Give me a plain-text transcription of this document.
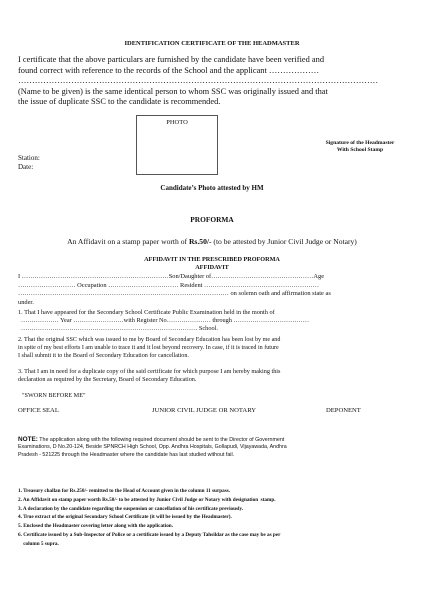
IDENTIFICATION CERTIFICATE OF THE HEADMASTER
I certificate that the above particulars are furnished by the candidate have been verified and
found correct with reference to the records of the School and the applicant ………………
…………………………………………………………………………………………………………………
(Name to be given) is the same identical person to whom SSC was originally issued and that
the issue of duplicate SSC to the candidate is recommended.
PHOTO
Signature of the Headmaster
With School Stamp
Station:
Date:
Candidate’s Photo attested by HM
PROFORMA
An Affidavit on a stamp paper worth of Rs.50/- (to be attested by Junior Civil Judge or Notary)
AFFIDAVIT IN THE PRESCRIBED PROFORMA
AFFIDAVIT
I ……………………………………………………………Son/Daughter of…………………………………………Age
……………………… Occupation …………………………… Resident ………………………………………………
……………………………………………………………………………………… on solemn oath and affirmation state as
under.
1. That I have appeared for the Secondary School Certificate Public Examination held in the month of
……………… Year ……………………with Register No………………… through ………………………………
………………………………………………………………………… School.
2. That the original SSC which was issued to me by Board of Secondary Education has been lost by me and
in spite of my best efforts I am unable to trace it and it lost beyond recovery. In case, if it is traced in future
I shall submit it to the Board of Secondary Education for cancellation.
3. That I am in need for a duplicate copy of the said certificate for which purpose I am hereby making this
declaration as required by the Secretary, Board of Secondary Education.
"SWORN BEFORE ME"
OFFICE SEAL	JUNIOR CIVIL JUDGE OR NOTARY	DEPONENT
NOTE: The application along with the following required document should be sent to the Director of Government
Examinations, D No.20-124, Beside SPNRCH High School, Opp. Andhra Hospitals, Gollapudi, Vijayawada, Andhra
Pradesh - 521225 through the Headmaster where the candidate has last studied without fail.
1. Treasury challan for Rs.250/- remitted to the Head of Account given in the column 11 surpass.
2. An Affidavit on stamp paper worth Rs.50/- to be attested by Junior Civil Judge or Notary with designation  stamp.
3. A declaration by the candidate regarding the suspension or cancellation of his certificate previously.
4. True extract of the original Secondary School Certificate (it will be issued by the Headmaster).
5. Enclosed the Headmaster covering letter along with the application.
6. Certificate issued by a Sub-Inspector of Police or a certificate issued by a Deputy Tahsildar as the case may be as per
column 5 supra.
